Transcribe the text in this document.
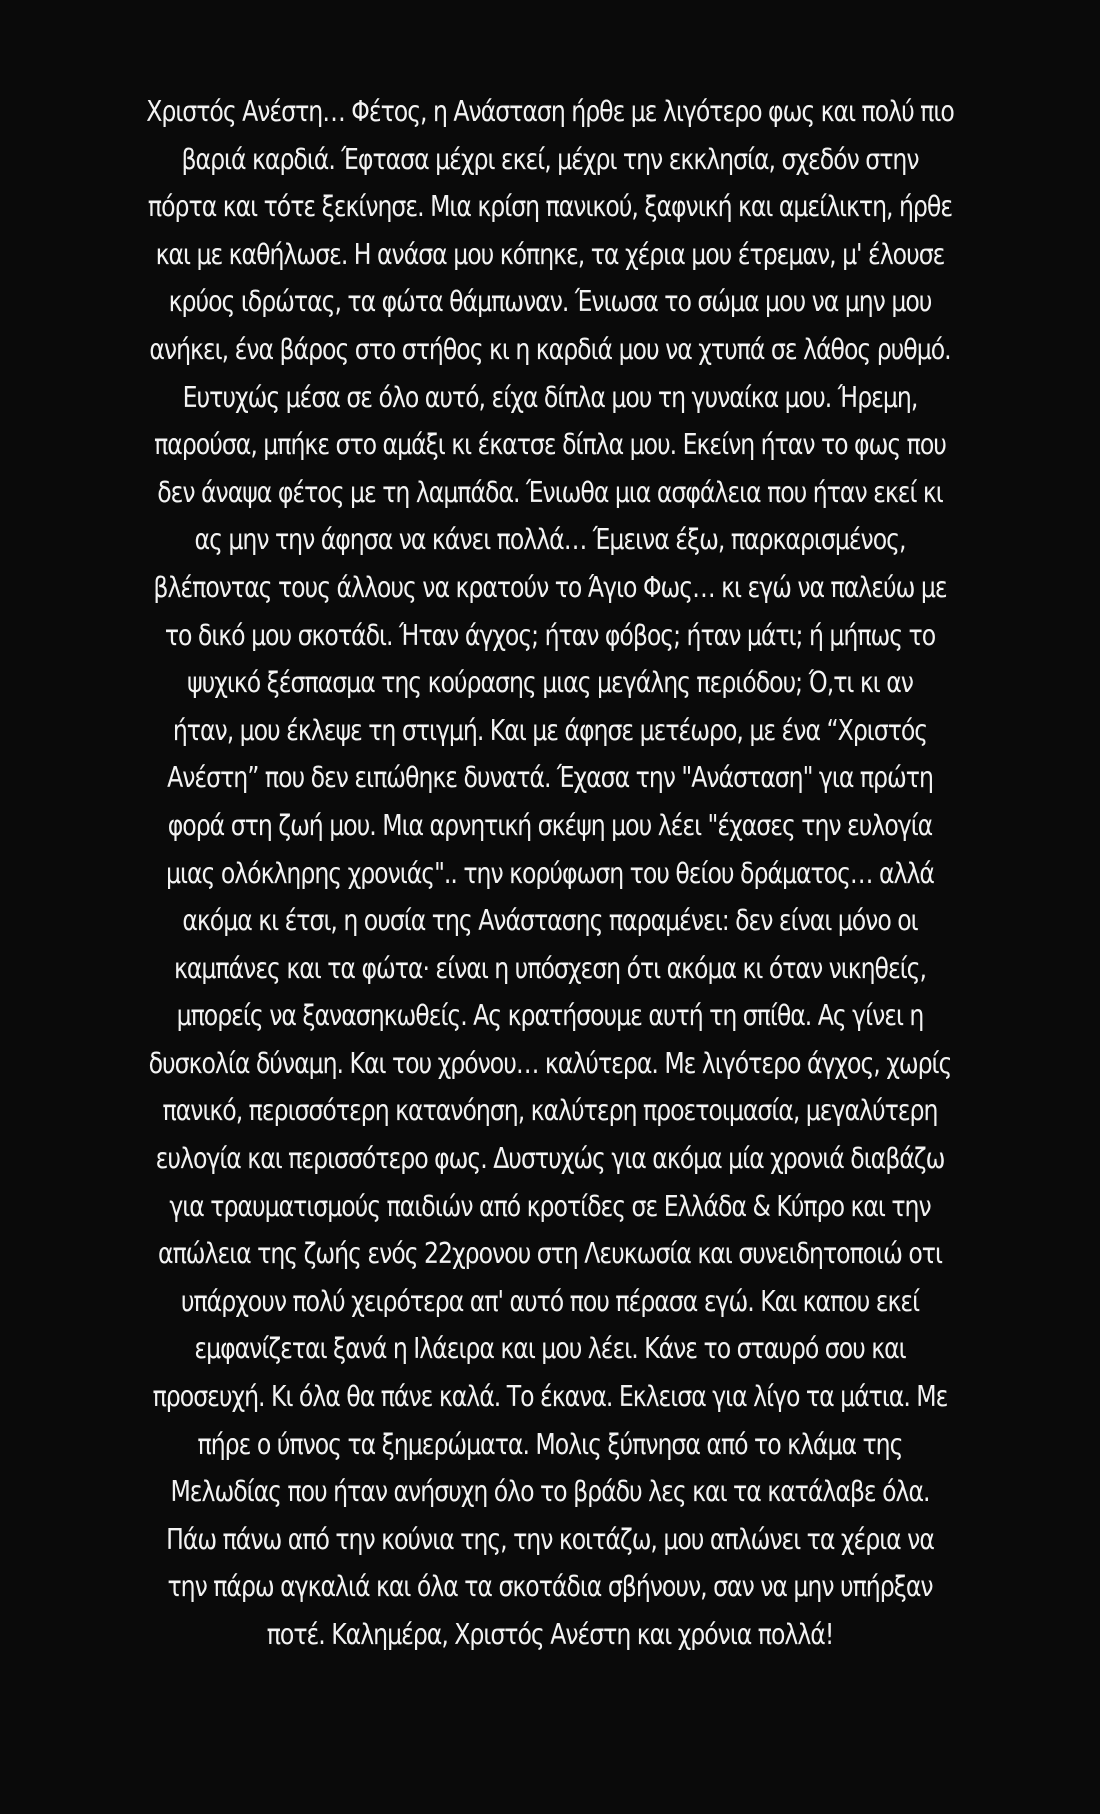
Χριστός Ανέστη… Φέτος, η Ανάσταση ήρθε με λιγότερο φως και πολύ πιο
βαριά καρδιά. Έφτασα μέχρι εκεί, μέχρι την εκκλησία, σχεδόν στην
πόρτα και τότε ξεκίνησε. Μια κρίση πανικού, ξαφνική και αμείλικτη, ήρθε
και με καθήλωσε. Η ανάσα μου κόπηκε, τα χέρια μου έτρεμαν, μ' έλουσε
κρύος ιδρώτας, τα φώτα θάμπωναν. Ένιωσα το σώμα μου να μην μου
ανήκει, ένα βάρος στο στήθος κι η καρδιά μου να χτυπά σε λάθος ρυθμό.
Ευτυχώς μέσα σε όλο αυτό, είχα δίπλα μου τη γυναίκα μου. Ήρεμη,
παρούσα, μπήκε στο αμάξι κι έκατσε δίπλα μου. Εκείνη ήταν το φως που
δεν άναψα φέτος με τη λαμπάδα. Ένιωθα μια ασφάλεια που ήταν εκεί κι
ας μην την άφησα να κάνει πολλά… Έμεινα έξω, παρκαρισμένος,
βλέποντας τους άλλους να κρατούν το Άγιο Φως… κι εγώ να παλεύω με
το δικό μου σκοτάδι. Ήταν άγχος; ήταν φόβος; ήταν μάτι; ή μήπως το
ψυχικό ξέσπασμα της κούρασης μιας μεγάλης περιόδου; Ό,τι κι αν
ήταν, μου έκλεψε τη στιγμή. Και με άφησε μετέωρο, με ένα “Χριστός
Ανέστη” που δεν ειπώθηκε δυνατά. Έχασα την "Ανάσταση" για πρώτη
φορά στη ζωή μου. Μια αρνητική σκέψη μου λέει "έχασες την ευλογία
μιας ολόκληρης χρονιάς".. την κορύφωση του θείου δράματος… αλλά
ακόμα κι έτσι, η ουσία της Ανάστασης παραμένει: δεν είναι μόνο οι
καμπάνες και τα φώτα· είναι η υπόσχεση ότι ακόμα κι όταν νικηθείς,
μπορείς να ξανασηκωθείς. Ας κρατήσουμε αυτή τη σπίθα. Ας γίνει η
δυσκολία δύναμη. Και του χρόνου… καλύτερα. Με λιγότερο άγχος, χωρίς
πανικό, περισσότερη κατανόηση, καλύτερη προετοιμασία, μεγαλύτερη
ευλογία και περισσότερο φως. Δυστυχώς για ακόμα μία χρονιά διαβάζω
για τραυματισμούς παιδιών από κροτίδες σε Ελλάδα & Κύπρο και την
απώλεια της ζωής ενός 22χρονου στη Λευκωσία και συνειδητοποιώ οτι
υπάρχουν πολύ χειρότερα απ' αυτό που πέρασα εγώ. Και καπου εκεί
εμφανίζεται ξανά η Ιλάειρα και μου λέει. Κάνε το σταυρό σου και
προσευχή. Κι όλα θα πάνε καλά. Το έκανα. Εκλεισα για λίγο τα μάτια. Με
πήρε ο ύπνος τα ξημερώματα. Μολις ξύπνησα από το κλάμα της
Μελωδίας που ήταν ανήσυχη όλο το βράδυ λες και τα κατάλαβε όλα.
Πάω πάνω από την κούνια της, την κοιτάζω, μου απλώνει τα χέρια να
την πάρω αγκαλιά και όλα τα σκοτάδια σβήνουν, σαν να μην υπήρξαν
ποτέ. Καλημέρα, Χριστός Ανέστη και χρόνια πολλά!
